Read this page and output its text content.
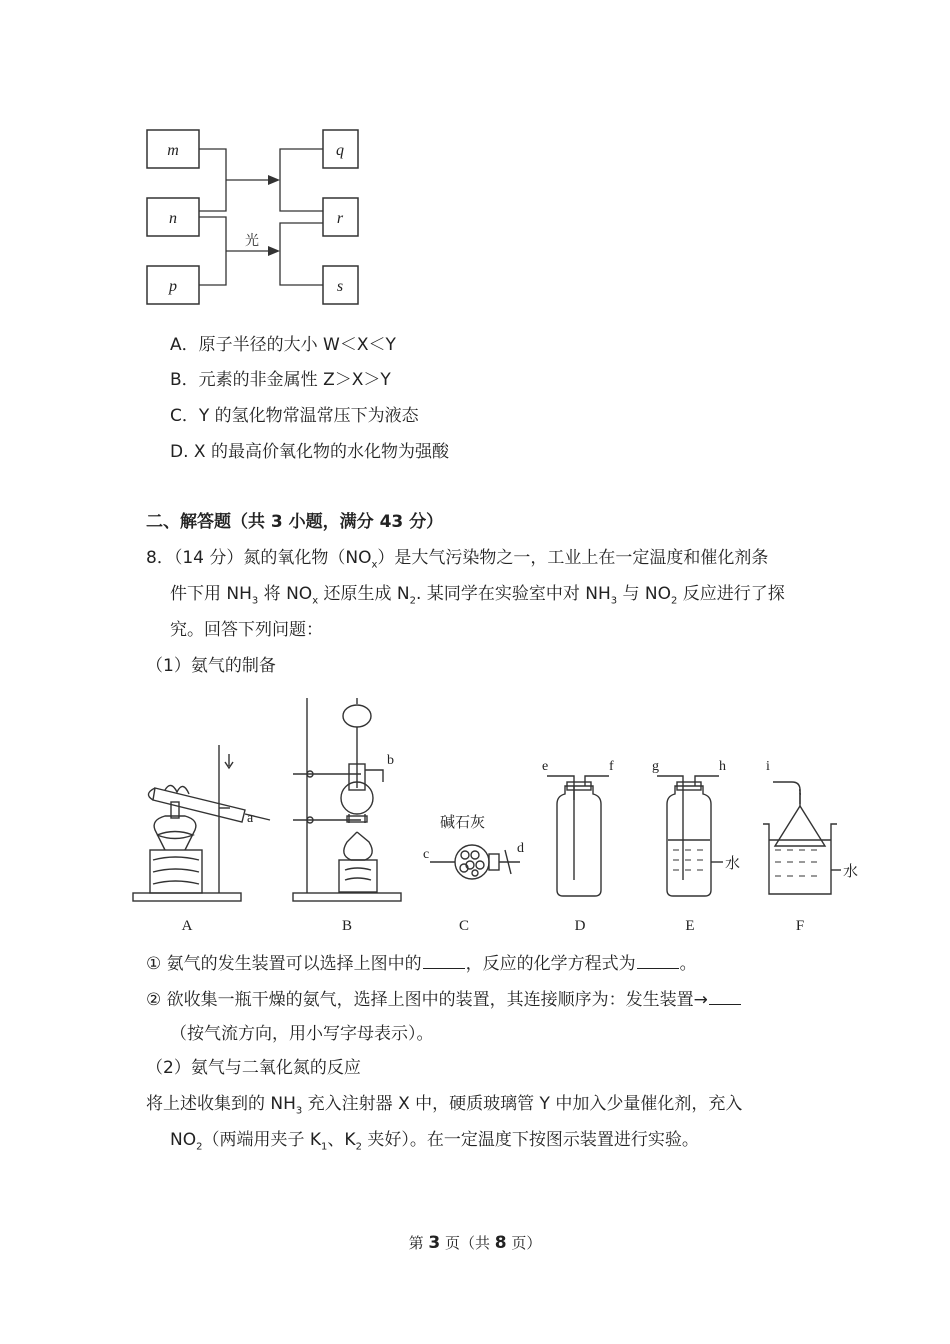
m
n
p
q
r
s
光
A．原子半径的大小 W＜X＜Y
B．元素的非金属性 Z＞X＞Y
C．Y 的氢化物常温常压下为液态
D. X 的最高价氧化物的水化物为强酸
二、解答题（共 3 小题，满分 43 分）
8．（14 分）氮的氧化物$(NO_x)$是大气污染物之一，工业上在一定温度和催化剂条
件下用 $NH_3$ 将 $NO_x$ 还原生成 $N_2$. 某同学在实验室中对 $NH_3$ 与 $NO_2$ 反应进行了探
究。回答下列问题：
（1）氨气的制备
a
b
c	d
e	f	g	h	i
碱石灰
水	水
A	B	C	D	E	F
① 氨气的发生装置可以选择上图中的	，反应的化学方程式为	。
② 欲收集一瓶干燥的氨气，选择上图中的装置，其连接顺序为：发生装置→
（按气流方向，用小写字母表示）。
（2）氨气与二氧化氮的反应
将上述收集到的 $NH_3$ 充入注射器 X 中，硬质玻璃管 Y 中加入少量催化剂，充入
$NO_2$（两端用夹子 $K_1$、$K_2$ 夹好）。在一定温度下按图示装置进行实验。
第 3 页（共 8 页）
